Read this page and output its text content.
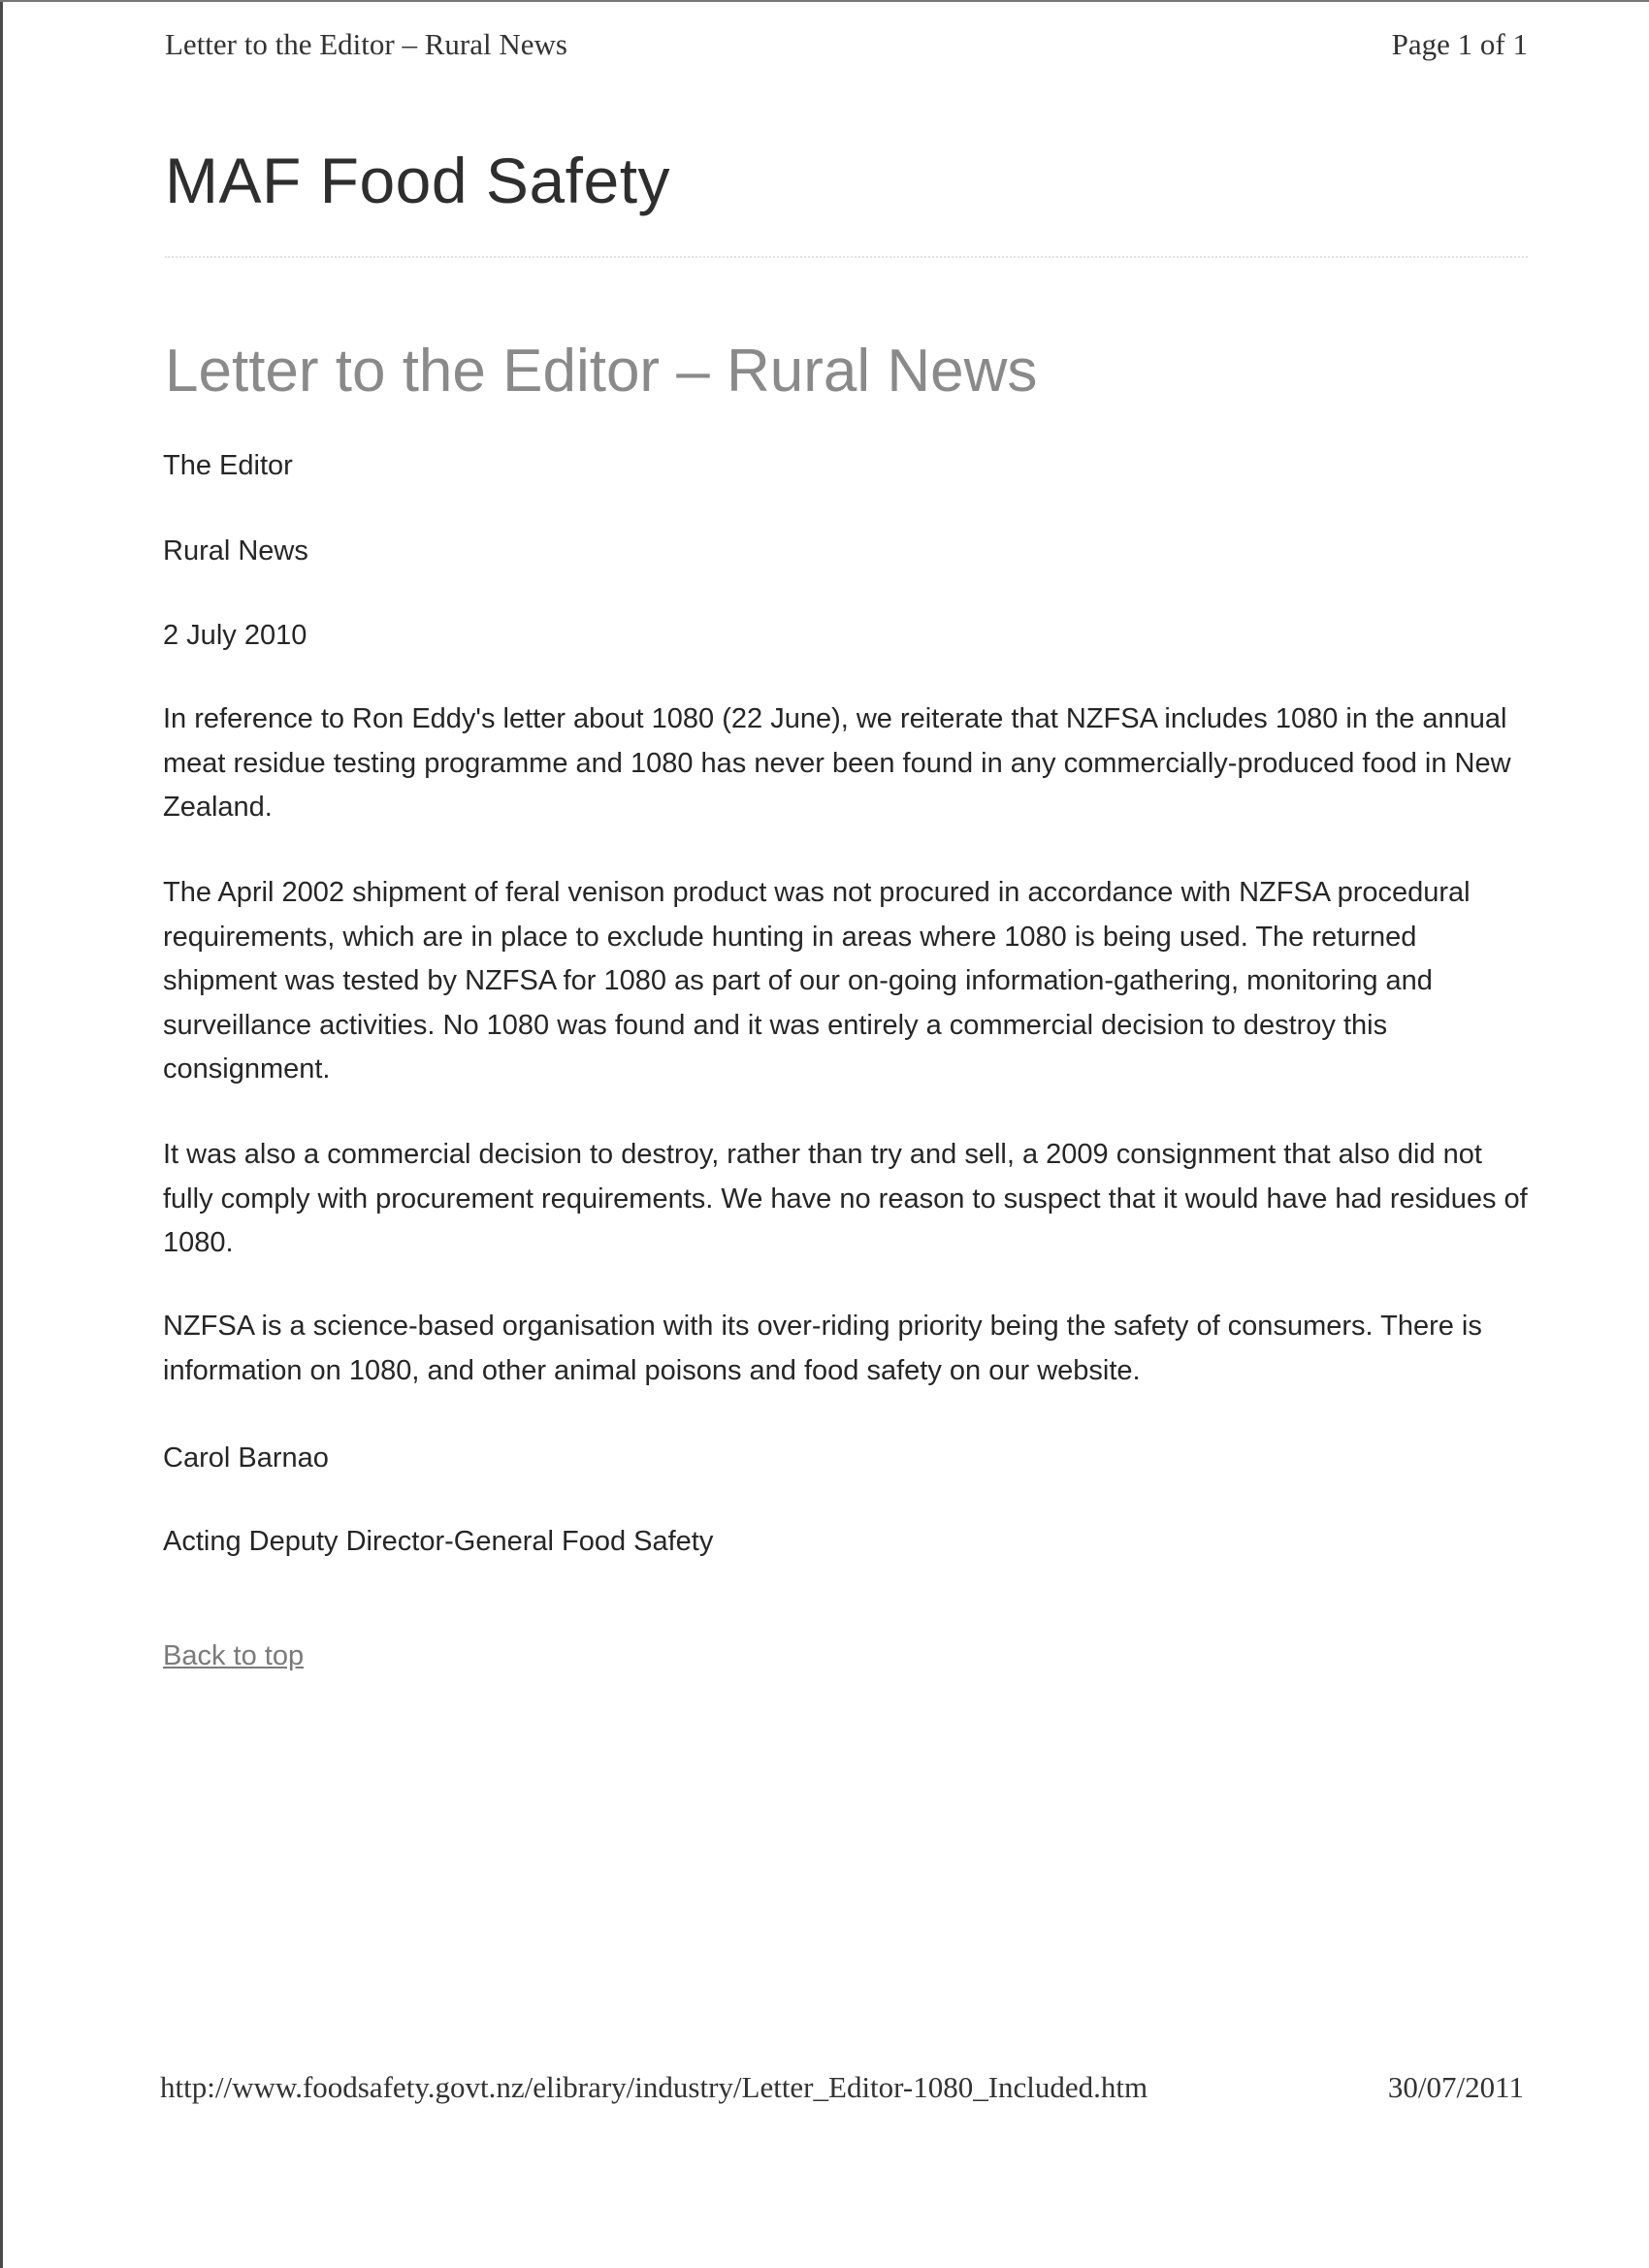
Letter to the Editor – Rural News	Page 1 of 1
MAF Food Safety
Letter to the Editor – Rural News

The Editor

Rural News

2 July 2010

In reference to Ron Eddy's letter about 1080 (22 June), we reiterate that NZFSA includes 1080 in the annual meat residue testing programme and 1080 has never been found in any commercially-produced food in New Zealand.

The April 2002 shipment of feral venison product was not procured in accordance with NZFSA procedural requirements, which are in place to exclude hunting in areas where 1080 is being used. The returned shipment was tested by NZFSA for 1080 as part of our on-going information-gathering, monitoring and surveillance activities. No 1080 was found and it was entirely a commercial decision to destroy this consignment.

It was also a commercial decision to destroy, rather than try and sell, a 2009 consignment that also did not fully comply with procurement requirements. We have no reason to suspect that it would have had residues of 1080.

NZFSA is a science-based organisation with its over-riding priority being the safety of consumers. There is information on 1080, and other animal poisons and food safety on our website.

Carol Barnao

Acting Deputy Director-General Food Safety

Back to top
http://www.foodsafety.govt.nz/elibrary/industry/Letter_Editor-1080_Included.htm	30/07/2011
